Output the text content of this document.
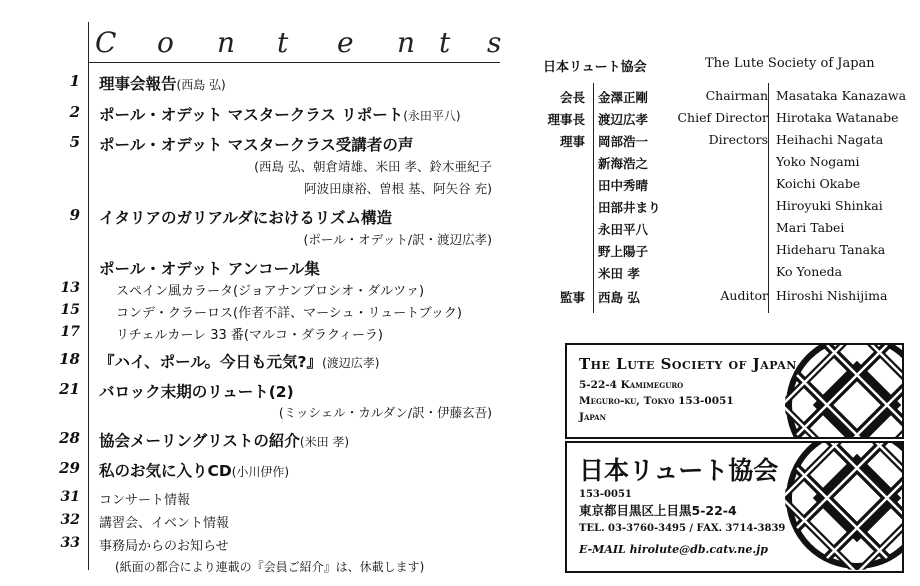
C o n t e n t s
1 理事会報告(西島 弘)
2 ポール・オデット マスタークラス リポート(永田平八)
5 ポール・オデット マスタークラス受講者の声
(西島 弘、朝倉靖雄、米田 孝、鈴木亜紀子
阿波田康裕、曽根 基、阿矢谷 充)
9 イタリアのガリアルダにおけるリズム構造
(ポール・オデット/訳・渡辺広孝)
ポール・オデット アンコール集
13	スペイン風カラータ(ジョアナンブロシオ・ダルツァ)
15	コンデ・クラーロス(作者不詳、マーシュ・リュートブック)
17	リチェルカーレ 33 番(マルコ・ダラクィーラ)
18 『ハイ、ポール。今日も元気?』(渡辺広孝)
21 バロック末期のリュート(2)
(ミッシェル・カルダン/訳・伊藤玄吾)
28 協会メーリングリストの紹介(米田 孝)
29 私のお気に入りCD(小川伊作)
31 コンサート情報
32 講習会、イベント情報
33 事務局からのお知らせ
(紙面の都合により連載の『会員ご紹介』は、休載します)
日本リュート協会	The Lute Society of Japan
会長 金澤正剛	Chairman Masataka Kanazawa
理事長 渡辺広孝 Chief Director Hirotaka Watanabe
理事 岡部浩一	Directors Heihachi Nagata
新海浩之	Yoko Nogami
田中秀晴	Koichi Okabe
田部井まり	Hiroyuki Shinkai
永田平八	Mari Tabei
野上陽子	Hideharu Tanaka
米田 孝	Ko Yoneda
監事 西島 弘	Auditor Hiroshi Nishijima
The Lute Society of Japan
5-22-4 Kamimeguro
Meguro-ku, Tokyo 153-0051
Japan
日本リュート協会
153-0051
東京都目黒区上目黒5-22-4
TEL. 03-3760-3495 / FAX. 3714-3839
E-MAIL hirolute@db.catv.ne.jp
